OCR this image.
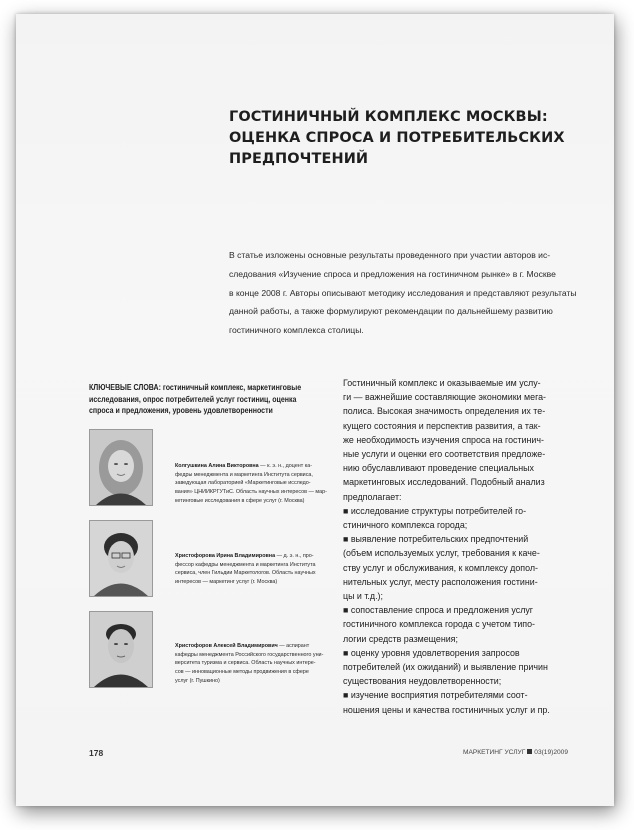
ГОСТИНИЧНЫЙ КОМПЛЕКС МОСКВЫ:
ОЦЕНКА СПРОСА И ПОТРЕБИТЕЛЬСКИХ
ПРЕДПОЧТЕНИЙ
В статье изложены основные результаты проведенного при участии авторов ис-
следования «Изучение спроса и предложения на гостиничном рынке» в г. Москве
в конце 2008 г. Авторы описывают методику исследования и представляют результаты
данной работы, а также формулируют рекомендации по дальнейшему развитию
гостиничного комплекса столицы.
КЛЮЧЕВЫЕ СЛОВА: гостиничный комплекс, маркетинговые
исследования, опрос потребителей услуг гостиниц, оценка
спроса и предложения, уровень удовлетворенности
Колгушкина Алина Викторовна — к. э. н., доцент ка-
федры менеджмента и маркетинга Института сервиса,
заведующая лабораторией «Маркетинговые исследо-
вания» ЦНИИКРГУТиС. Область научных интересов — мар-
кетинговые исследования в сфере услуг (г. Москва)
Христофорова Ирина Владимировна — д. э. н., про-
фессор кафедры менеджмента и маркетинга Института
сервиса, член Гильдии Маркетологов. Область научных
интересов — маркетинг услуг (г. Москва)
Христофоров Алексей Владимирович — аспирант
кафедры менеджмента Российского государственного уни-
верситета туризма и сервиса. Область научных интере-
сов — инновационные методы продвижения в сфере
услуг (г. Пушкино)
Гостиничный комплекс и оказываемые им услу-
ги — важнейшие составляющие экономики мега-
полиса. Высокая значимость определения их те-
кущего состояния и перспектив развития, а так-
же необходимость изучения спроса на гостинич-
ные услуги и оценки его соответствия предложе-
нию обуславливают проведение специальных
маркетинговых исследований. Подобный анализ
предполагает:
■ исследование структуры потребителей го-
стиничного комплекса города;
■ выявление потребительских предпочтений
(объем используемых услуг, требования к каче-
ству услуг и обслуживания, к комплексу допол-
нительных услуг, месту расположения гостини-
цы и т.д.);
■ сопоставление спроса и предложения услуг
гостиничного комплекса города с учетом типо-
логии средств размещения;
■ оценку уровня удовлетворения запросов
потребителей (их ожиданий) и выявление причин
существования неудовлетворенности;
■ изучение восприятия потребителями соот-
ношения цены и качества гостиничных услуг и пр.
178	МАРКЕТИНГ УСЛУГ 03(19)2009
